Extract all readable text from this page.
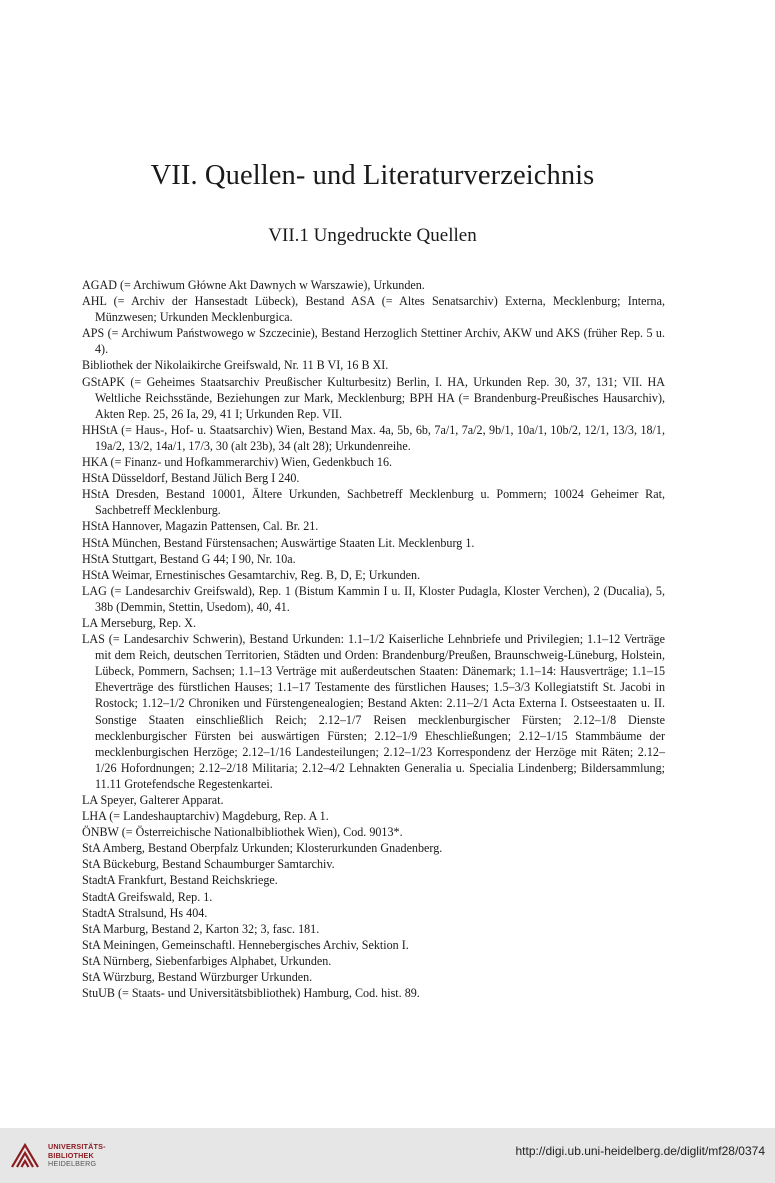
VII. Quellen- und Literaturverzeichnis
VII.1 Ungedruckte Quellen
AGAD (= Archiwum Główne Akt Dawnych w Warszawie), Urkunden.
AHL (= Archiv der Hansestadt Lübeck), Bestand ASA (= Altes Senatsarchiv) Externa, Mecklenburg; Interna, Münzwesen; Urkunden Mecklenburgica.
APS (= Archiwum Państwowego w Szczecinie), Bestand Herzoglich Stettiner Archiv, AKW und AKS (früher Rep. 5 u. 4).
Bibliothek der Nikolaikirche Greifswald, Nr. 11 B VI, 16 B XI.
GStAPK (= Geheimes Staatsarchiv Preußischer Kulturbesitz) Berlin, I. HA, Urkunden Rep. 30, 37, 131; VII. HA Weltliche Reichsstände, Beziehungen zur Mark, Mecklenburg; BPH HA (= Brandenburg-Preußisches Hausarchiv), Akten Rep. 25, 26 Ia, 29, 41 I; Urkunden Rep. VII.
HHStA (= Haus-, Hof- u. Staatsarchiv) Wien, Bestand Max. 4a, 5b, 6b, 7a/1, 7a/2, 9b/1, 10a/1, 10b/2, 12/1, 13/3, 18/1, 19a/2, 13/2, 14a/1, 17/3, 30 (alt 23b), 34 (alt 28); Urkundenreihe.
HKA (= Finanz- und Hofkammerarchiv) Wien, Gedenkbuch 16.
HStA Düsseldorf, Bestand Jülich Berg I 240.
HStA Dresden, Bestand 10001, Ältere Urkunden, Sachbetreff Mecklenburg u. Pommern; 10024 Geheimer Rat, Sachbetreff Mecklenburg.
HStA Hannover, Magazin Pattensen, Cal. Br. 21.
HStA München, Bestand Fürstensachen; Auswärtige Staaten Lit. Mecklenburg 1.
HStA Stuttgart, Bestand G 44; I 90, Nr. 10a.
HStA Weimar, Ernestinisches Gesamtarchiv, Reg. B, D, E; Urkunden.
LAG (= Landesarchiv Greifswald), Rep. 1 (Bistum Kammin I u. II, Kloster Pudagla, Kloster Verchen), 2 (Ducalia), 5, 38b (Demmin, Stettin, Usedom), 40, 41.
LA Merseburg, Rep. X.
LAS (= Landesarchiv Schwerin), Bestand Urkunden: 1.1–1/2 Kaiserliche Lehnbriefe und Privilegien; 1.1–12 Verträge mit dem Reich, deutschen Territorien, Städten und Orden: Brandenburg/Preußen, Braunschweig-Lüneburg, Holstein, Lübeck, Pommern, Sachsen; 1.1–13 Verträge mit außerdeutschen Staaten: Dänemark; 1.1–14: Hausverträge; 1.1–15 Eheverträge des fürstlichen Hauses; 1.1–17 Testamente des fürstlichen Hauses; 1.5–3/3 Kollegiatstift St. Jacobi in Rostock; 1.12–1/2 Chroniken und Fürstengenealogien; Bestand Akten: 2.11–2/1 Acta Externa I. Ostseestaaten u. II. Sonstige Staaten einschließlich Reich; 2.12–1/7 Reisen mecklenburgischer Fürsten; 2.12–1/8 Dienste mecklenburgischer Fürsten bei auswärtigen Fürsten; 2.12–1/9 Eheschließungen; 2.12–1/15 Stammbäume der mecklenburgischen Herzöge; 2.12–1/16 Landesteilungen; 2.12–1/23 Korrespondenz der Herzöge mit Räten; 2.12–1/26 Hofordnungen; 2.12–2/18 Militaria; 2.12–4/2 Lehnakten Generalia u. Specialia Lindenberg; Bildersammlung; 11.11 Grotefendsche Regestenkartei.
LA Speyer, Galterer Apparat.
LHA (= Landeshauptarchiv) Magdeburg, Rep. A 1.
ÖNBW (= Österreichische Nationalbibliothek Wien), Cod. 9013*.
StA Amberg, Bestand Oberpfalz Urkunden; Klosterurkunden Gnadenberg.
StA Bückeburg, Bestand Schaumburger Samtarchiv.
StadtA Frankfurt, Bestand Reichskriege.
StadtA Greifswald, Rep. 1.
StadtA Stralsund, Hs 404.
StA Marburg, Bestand 2, Karton 32; 3, fasc. 181.
StA Meiningen, Gemeinschaftl. Hennebergisches Archiv, Sektion I.
StA Nürnberg, Siebenfarbiges Alphabet, Urkunden.
StA Würzburg, Bestand Würzburger Urkunden.
StuUB (= Staats- und Universitätsbibliothek) Hamburg, Cod. hist. 89.
UNIVERSITÄTS-
BIBLIOTHEK
HEIDELBERG
http://digi.ub.uni-heidelberg.de/diglit/mf28/0374
